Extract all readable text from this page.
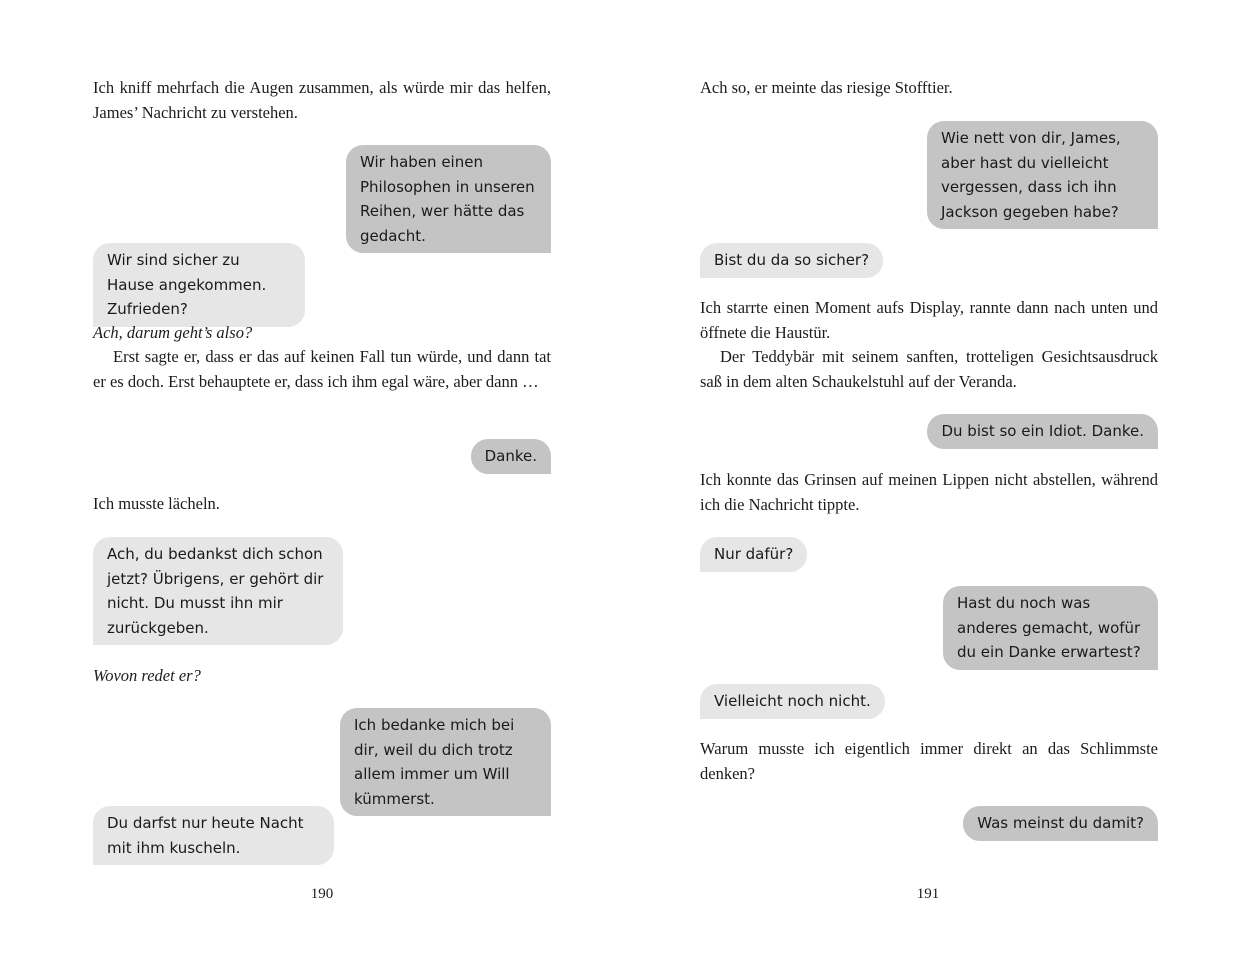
Ich kniff mehrfach die Augen zusammen, als würde mir das helfen, James’ Nachricht zu verstehen.

Wir haben einen Philosophen in unseren Reihen, wer hätte das gedacht.
Wir sind sicher zu Hause angekommen. Zufrieden?

Ach, darum geht’s also?

Erst sagte er, dass er das auf keinen Fall tun würde, und dann tat er es doch. Erst behauptete er, dass ich ihm egal wäre, aber dann …

Danke.

Ich musste lächeln.

Ach, du bedankst dich schon jetzt? Übrigens, er gehört dir nicht. Du musst ihn mir zurückgeben.

Wovon redet er?

Ich bedanke mich bei dir, weil du dich trotz allem immer um Will kümmerst.
Du darfst nur heute Nacht mit ihm kuscheln.
190

Ach so, er meinte das riesige Stofftier.

Wie nett von dir, James, aber hast du vielleicht vergessen, dass ich ihn Jackson gegeben habe?
Bist du da so sicher?

Ich starrte einen Moment aufs Display, rannte dann nach unten und öffnete die Haustür.

Der Teddybär mit seinem sanften, trotteligen Gesichtsausdruck saß in dem alten Schaukelstuhl auf der Veranda.

Du bist so ein Idiot. Danke.

Ich konnte das Grinsen auf meinen Lippen nicht abstellen, während ich die Nachricht tippte.

Nur dafür?
Hast du noch was anderes gemacht, wofür du ein Danke erwartest?
Vielleicht noch nicht.

Warum musste ich eigentlich immer direkt an das Schlimmste denken?

Was meinst du damit?
191
